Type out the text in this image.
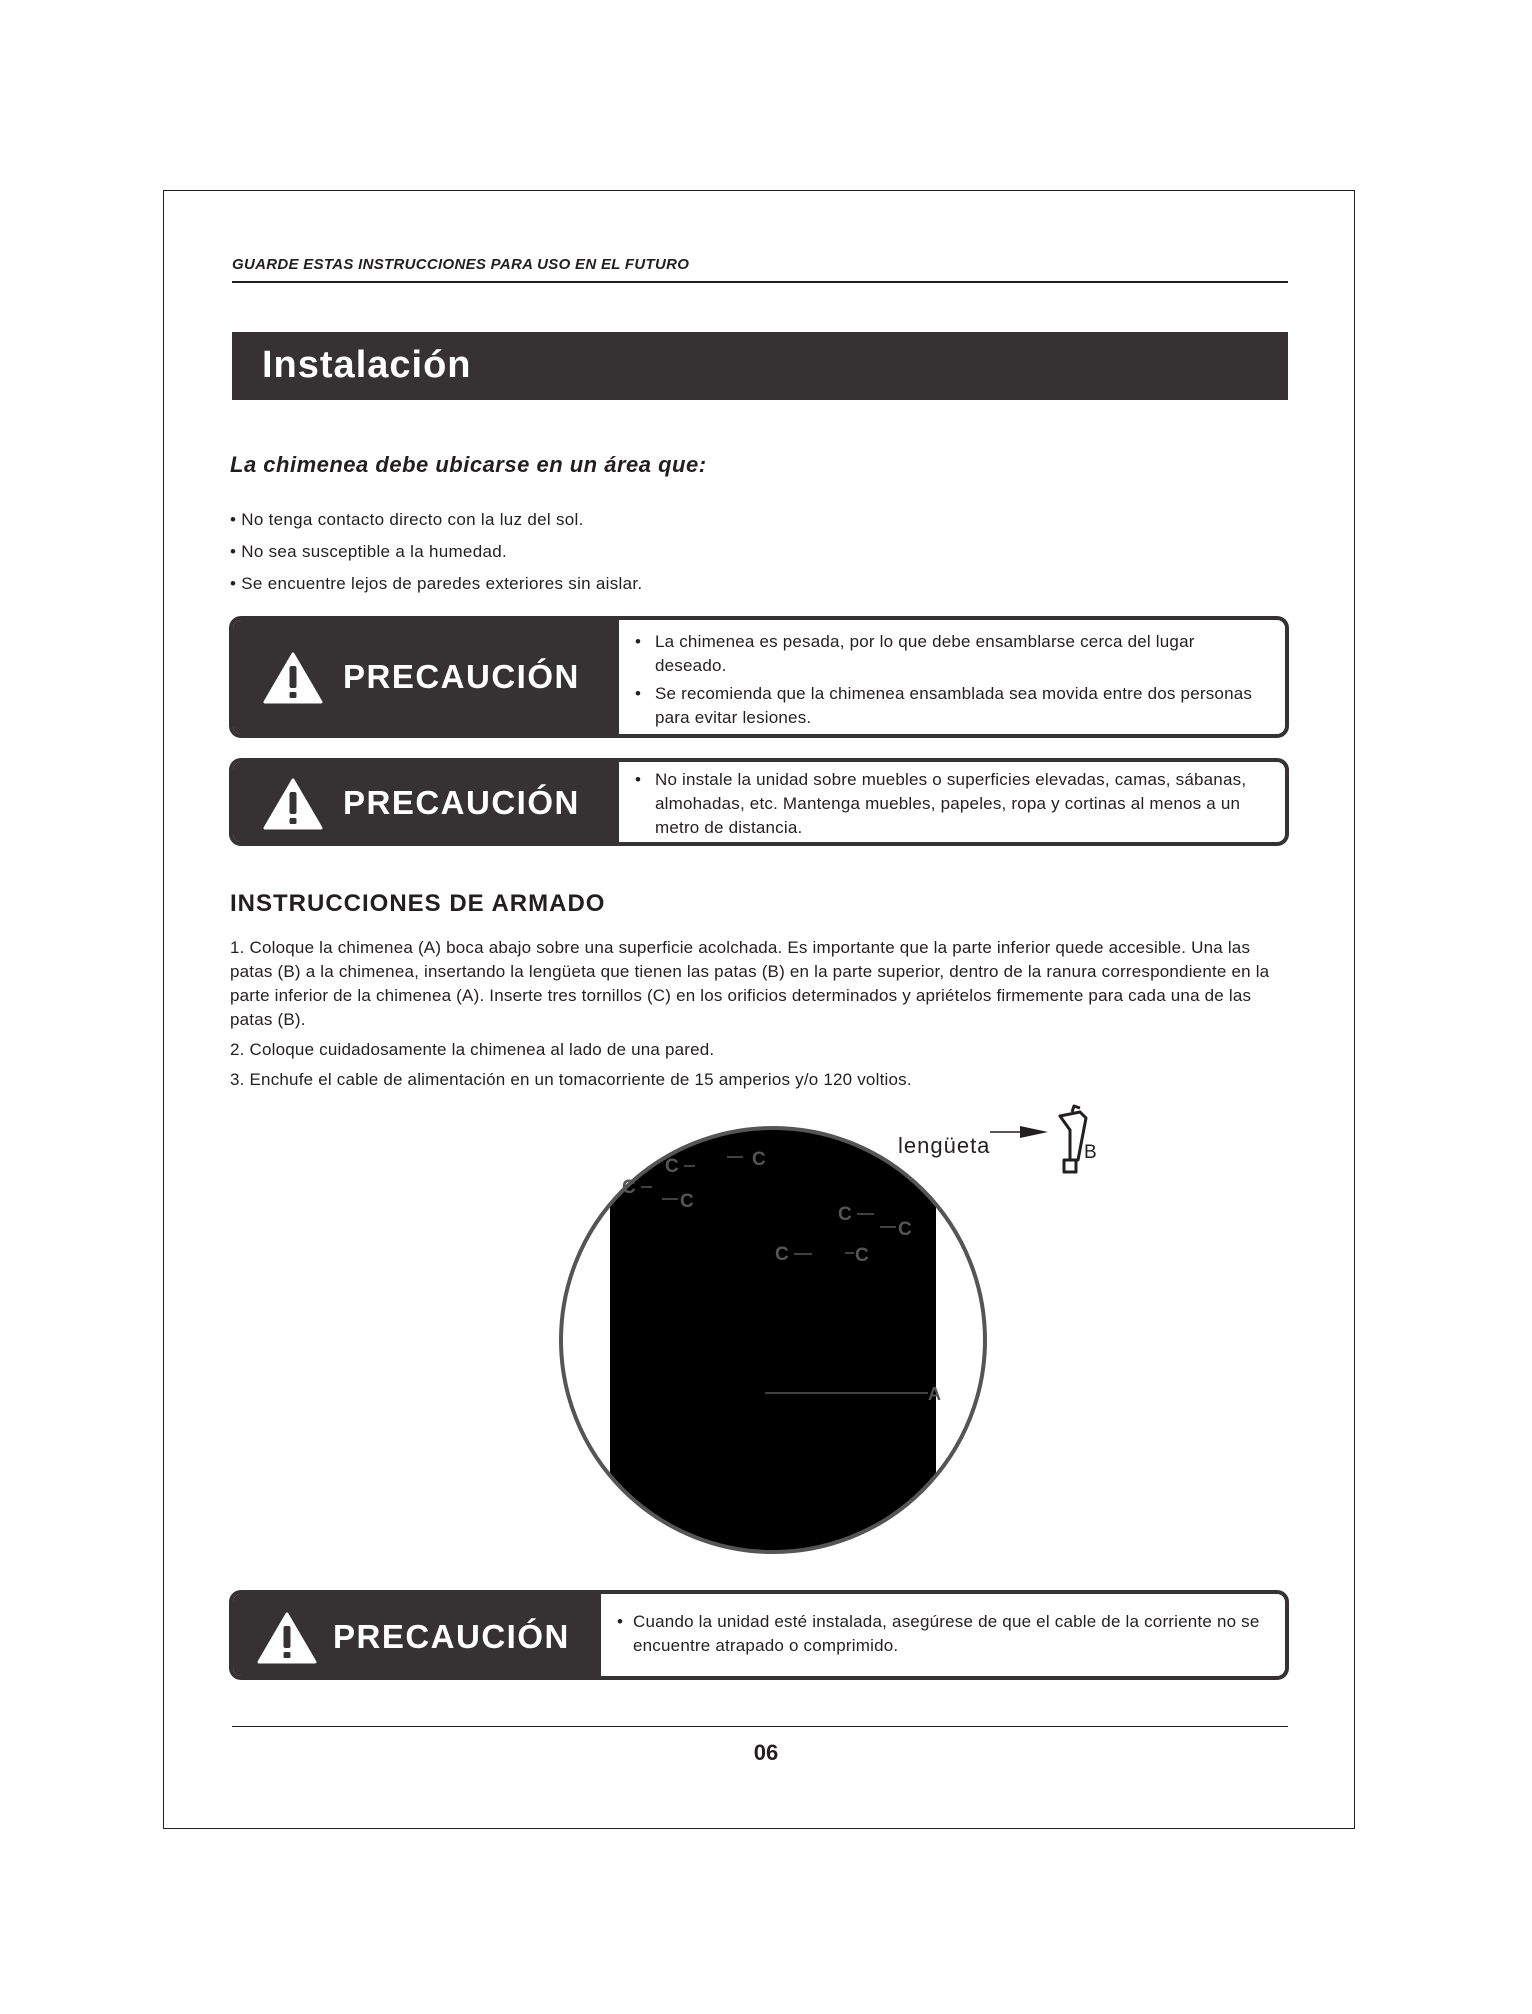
GUARDE ESTAS INSTRUCCIONES PARA USO EN EL FUTURO
Instalación
La chimenea debe ubicarse en un área que:
• No tenga contacto directo con la luz del sol.
• No sea susceptible a la humedad.
• Se encuentre lejos de paredes exteriores sin aislar.
PRECAUCIÓN
• La chimenea es pesada, por lo que debe ensamblarse cerca del lugar deseado.
• Se recomienda que la chimenea ensamblada sea movida entre dos personas para evitar lesiones.
PRECAUCIÓN
• No instale la unidad sobre muebles o superficies elevadas, camas, sábanas, almohadas, etc. Mantenga muebles, papeles, ropa y cortinas al menos a un metro de distancia.
INSTRUCCIONES DE ARMADO

1. Coloque la chimenea (A) boca abajo sobre una superficie acolchada. Es importante que la parte inferior quede accesible. Una las patas (B) a la chimenea, insertando la lengüeta que tienen las patas (B) en la parte superior, dentro de la ranura correspondiente en la parte inferior de la chimenea (A). Inserte tres tornillos (C) en los orificios determinados y apriételos firmemente para cada una de las patas (B).

2. Coloque cuidadosamente la chimenea al lado de una pared.

3. Enchufe el cable de alimentación en un tomacorriente de 15 amperios y/o 120 voltios.

A
C
C
C
C
C
C
C	C
lengüeta	B
PRECAUCIÓN
•	Cuando la unidad esté instalada, asegúrese de que el cable de la corriente no se encuentre atrapado o comprimido.
06
